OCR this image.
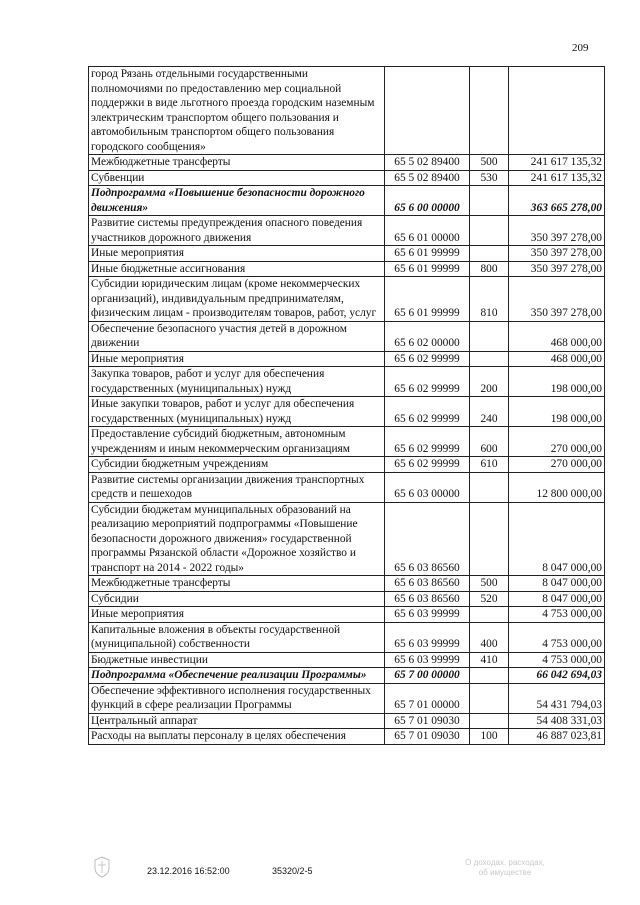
209
город Рязань отдельными государственными полномочиями по предоставлению мер социальной поддержки в виде льготного проезда городским наземным электрическим транспортом общего пользования и автомобильным транспортом общего пользования городского сообщения»			
Межбюджетные трансферты	65 5 02 89400	500	241 617 135,32
Субвенции	65 5 02 89400	530	241 617 135,32
Подпрограмма «Повышение безопасности дорожного движения»	65 6 00 00000		363 665 278,00
Развитие системы предупреждения опасного поведения участников дорожного движения	65 6 01 00000		350 397 278,00
Иные мероприятия	65 6 01 99999		350 397 278,00
Иные бюджетные ассигнования	65 6 01 99999	800	350 397 278,00
Субсидии юридическим лицам (кроме некоммерческих организаций), индивидуальным предпринимателям, физическим лицам - производителям товаров, работ, услуг	65 6 01 99999	810	350 397 278,00
Обеспечение безопасного участия детей в дорожном движении	65 6 02 00000		468 000,00
Иные мероприятия	65 6 02 99999		468 000,00
Закупка товаров, работ и услуг для обеспечения государственных (муниципальных) нужд	65 6 02 99999	200	198 000,00
Иные закупки товаров, работ и услуг для обеспечения государственных (муниципальных) нужд	65 6 02 99999	240	198 000,00
Предоставление субсидий бюджетным, автономным учреждениям и иным некоммерческим организациям	65 6 02 99999	600	270 000,00
Субсидии бюджетным учреждениям	65 6 02 99999	610	270 000,00
Развитие системы организации движения транспортных средств и пешеходов	65 6 03 00000		12 800 000,00
Субсидии бюджетам муниципальных образований на реализацию мероприятий подпрограммы «Повышение безопасности дорожного движения» государственной программы Рязанской области «Дорожное хозяйство и транспорт на 2014 - 2022 годы»	65 6 03 86560		8 047 000,00
Межбюджетные трансферты	65 6 03 86560	500	8 047 000,00
Субсидии	65 6 03 86560	520	8 047 000,00
Иные мероприятия	65 6 03 99999		4 753 000,00
Капитальные вложения в объекты государственной (муниципальной) собственности	65 6 03 99999	400	4 753 000,00
Бюджетные инвестиции	65 6 03 99999	410	4 753 000,00
Подпрограмма «Обеспечение реализации Программы»	65 7 00 00000		66 042 694,03
Обеспечение эффективного исполнения государственных функций в сфере реализации Программы	65 7 01 00000		54 431 794,03
Центральный аппарат	65 7 01 09030		54 408 331,03
Расходы на выплаты персоналу в целях обеспечения	65 7 01 09030	100	46 887 023,81
23.12.2016 16:52:00	35320/2-5
О доходах, расходах,
об имуществе
